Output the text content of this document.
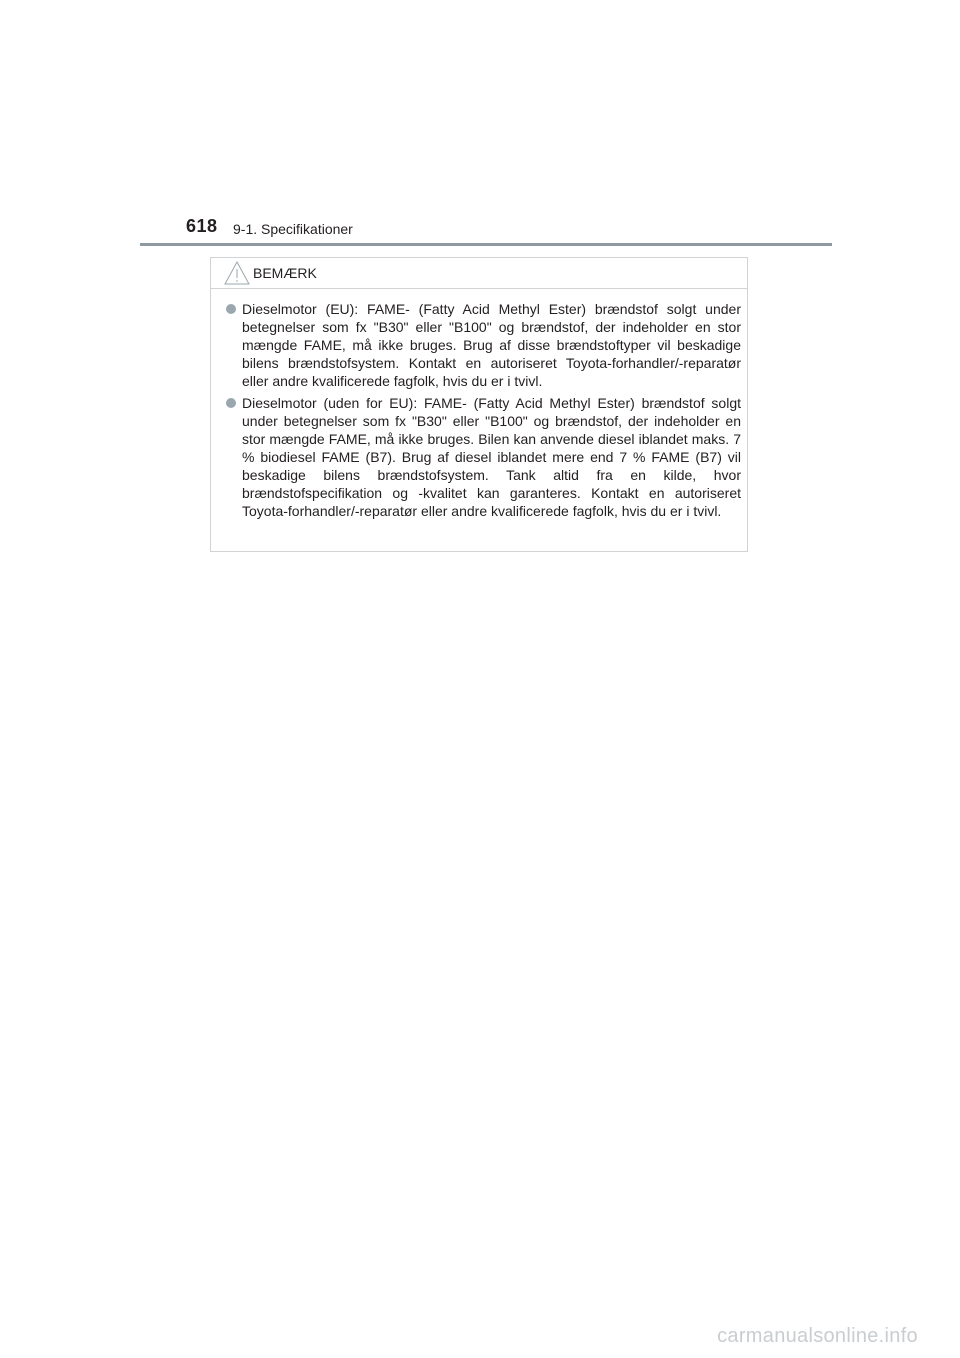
618 9-1. Specifikationer
BEMÆRK

Dieselmotor (EU): FAME- (Fatty Acid Methyl Ester) brændstof solgt under betegnelser som fx "B30" eller "B100" og brændstof, der indeholder en stor mængde FAME, må ikke bruges. Brug af disse brændstoftyper vil beskadige bilens brændstofsystem. Kontakt en autoriseret Toyota-forhandler/-reparatør eller andre kvalificerede fagfolk, hvis du er i tvivl.

Dieselmotor (uden for EU): FAME- (Fatty Acid Methyl Ester) brændstof solgt under betegnelser som fx "B30" eller "B100" og brændstof, der indeholder en stor mængde FAME, må ikke bruges. Bilen kan anvende diesel iblandet maks. 7 % biodiesel FAME (B7). Brug af diesel iblandet mere end 7 % FAME (B7) vil beskadige bilens brændstofsystem. Tank altid fra en kilde, hvor brændstofspecifikation og -kvalitet kan garanteres. Kontakt en autoriseret Toyota-forhandler/-reparatør eller andre kvalificerede fagfolk, hvis du er i tvivl.

carmanualsonline.info
